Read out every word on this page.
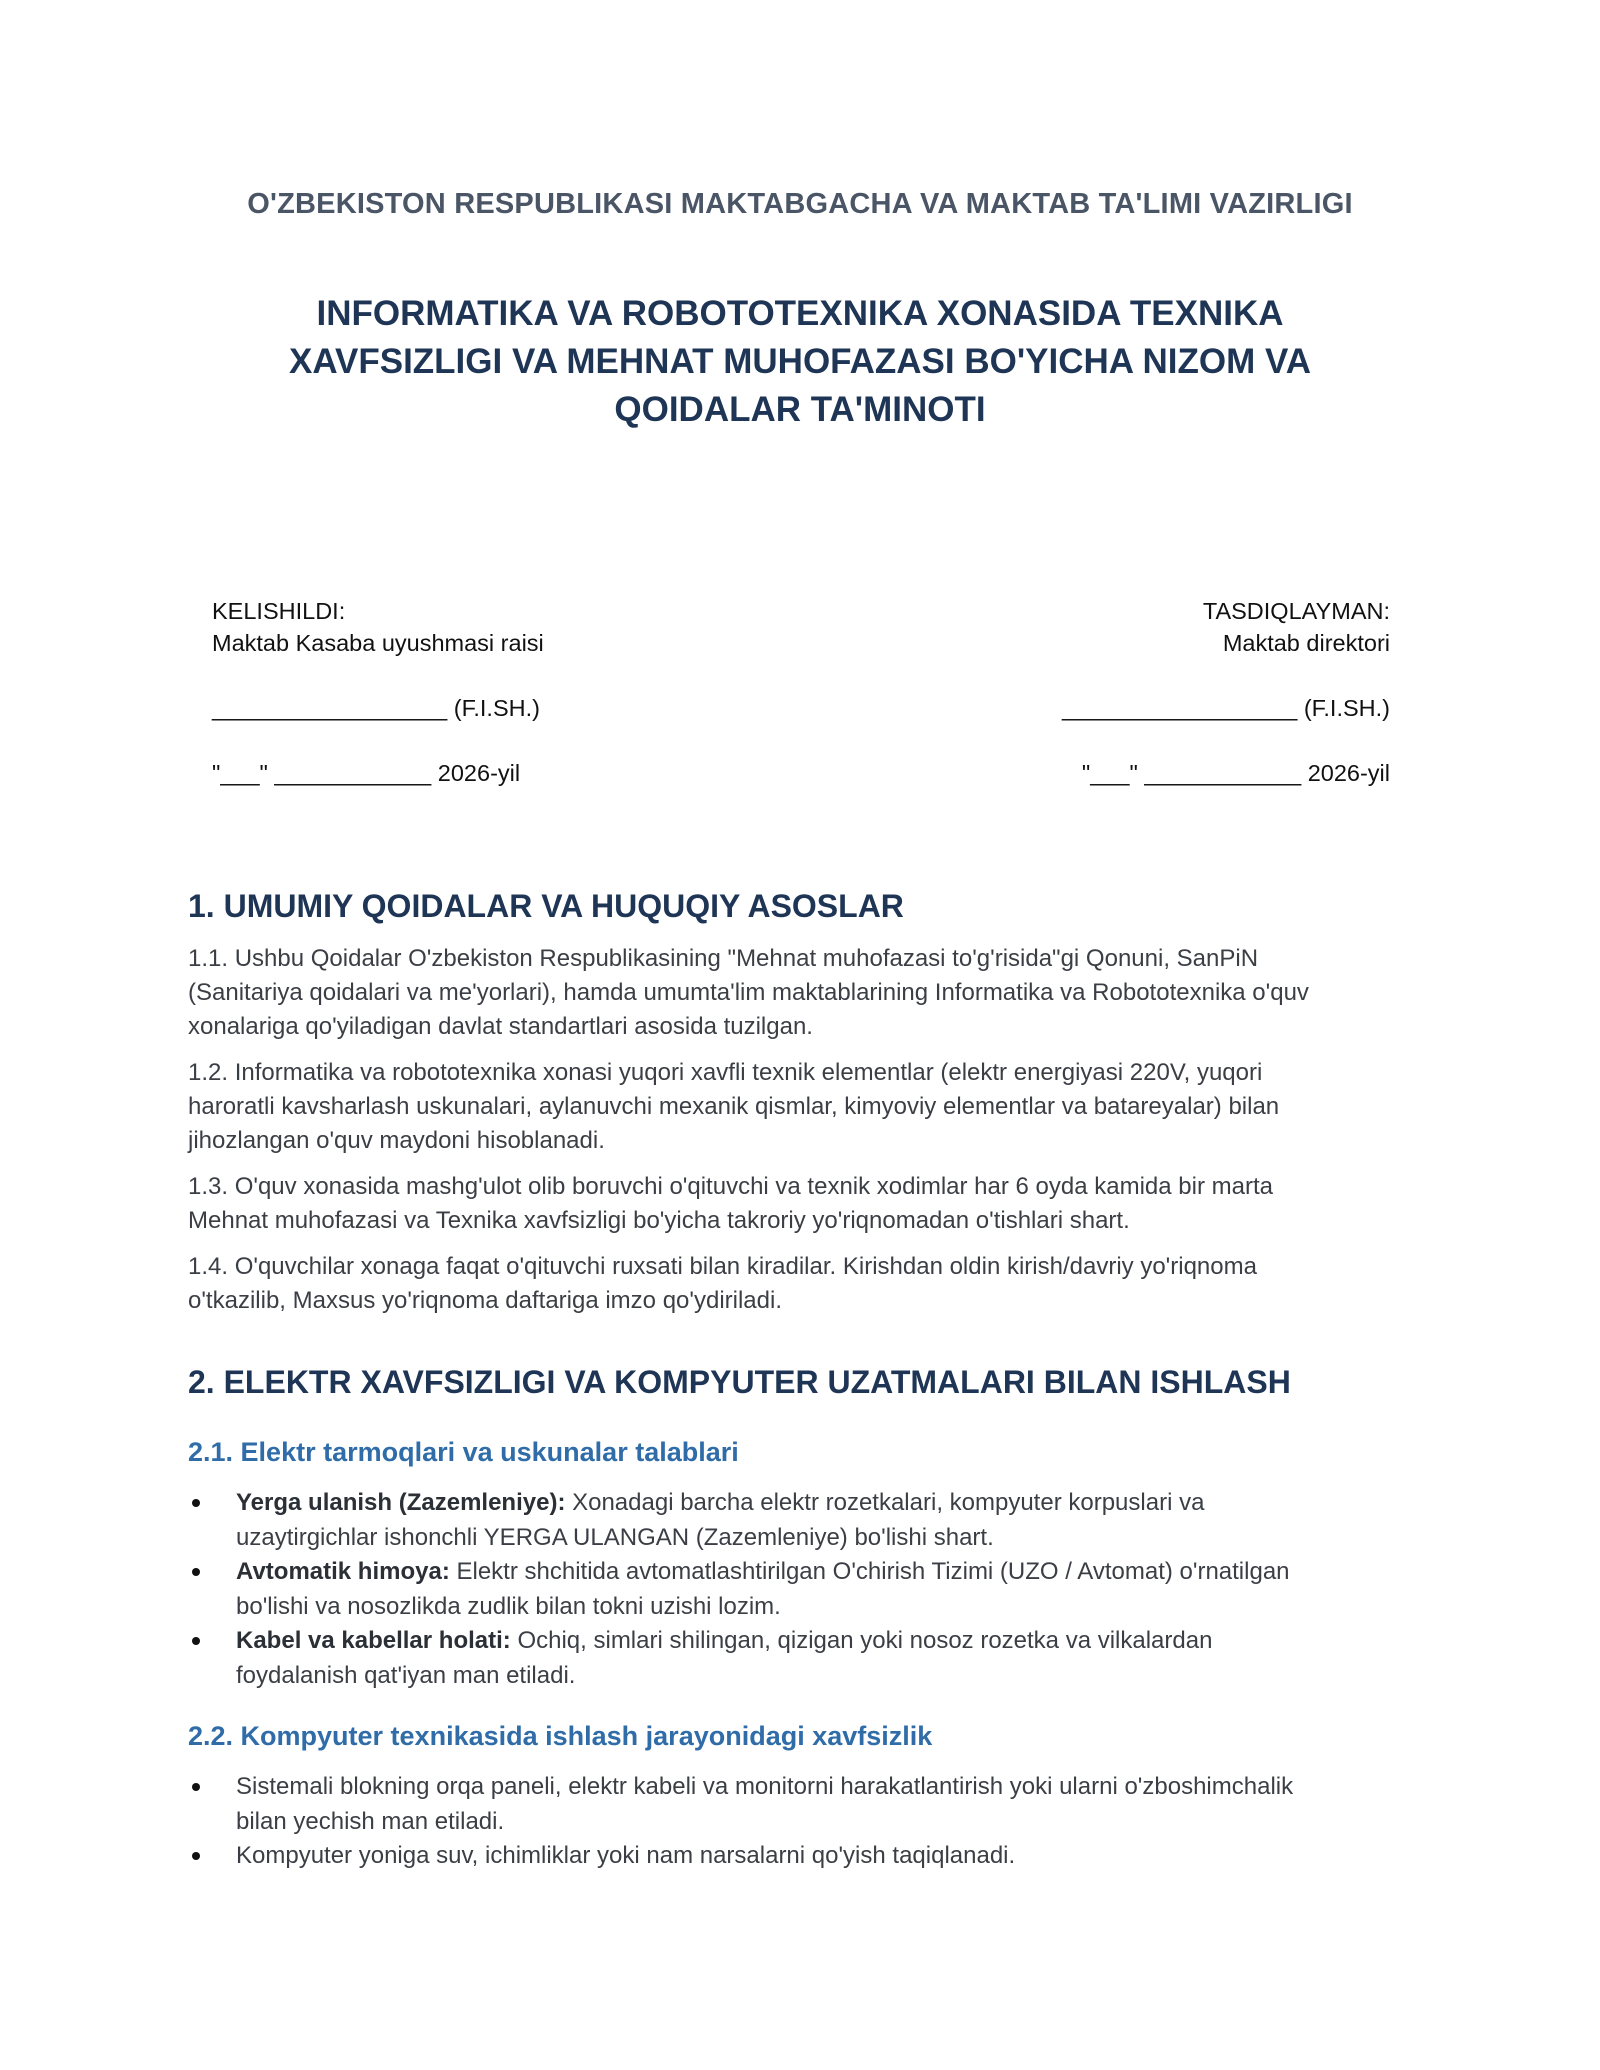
O'ZBEKISTON RESPUBLIKASI MAKTABGACHA VA MAKTAB TA'LIMI VAZIRLIGI
INFORMATIKA VA ROBOTOTEXNIKA XONASIDA TEXNIKA
XAVFSIZLIGI VA MEHNAT MUHOFAZASI BO'YICHA NIZOM VA
QOIDALAR TA'MINOTI
KELISHILDI:
Maktab Kasaba uyushmasi raisi
__________________ (F.I.SH.)
"___" ____________ 2026-yil
TASDIQLAYMAN:
Maktab direktori
__________________ (F.I.SH.)
"___" ____________ 2026-yil
1. UMUMIY QOIDALAR VA HUQUQIY ASOSLAR
1.1. Ushbu Qoidalar O'zbekiston Respublikasining "Mehnat muhofazasi to'g'risida"gi Qonuni, SanPiN
(Sanitariya qoidalari va me'yorlari), hamda umumta'lim maktablarining Informatika va Robototexnika o'quv
xonalariga qo'yiladigan davlat standartlari asosida tuzilgan.
1.2. Informatika va robototexnika xonasi yuqori xavfli texnik elementlar (elektr energiyasi 220V, yuqori
haroratli kavsharlash uskunalari, aylanuvchi mexanik qismlar, kimyoviy elementlar va batareyalar) bilan
jihozlangan o'quv maydoni hisoblanadi.
1.3. O'quv xonasida mashg'ulot olib boruvchi o'qituvchi va texnik xodimlar har 6 oyda kamida bir marta
Mehnat muhofazasi va Texnika xavfsizligi bo'yicha takroriy yo'riqnomadan o'tishlari shart.
1.4. O'quvchilar xonaga faqat o'qituvchi ruxsati bilan kiradilar. Kirishdan oldin kirish/davriy yo'riqnoma
o'tkazilib, Maxsus yo'riqnoma daftariga imzo qo'ydiriladi.
2. ELEKTR XAVFSIZLIGI VA KOMPYUTER UZATMALARI BILAN ISHLASH
2.1. Elektr tarmoqlari va uskunalar talablari
Yerga ulanish (Zazemleniye): Xonadagi barcha elektr rozetkalari, kompyuter korpuslari va
uzaytirgichlar ishonchli YERGA ULANGAN (Zazemleniye) bo'lishi shart.
Avtomatik himoya: Elektr shchitida avtomatlashtirilgan O'chirish Tizimi (UZO / Avtomat) o'rnatilgan
bo'lishi va nosozlikda zudlik bilan tokni uzishi lozim.
Kabel va kabellar holati: Ochiq, simlari shilingan, qizigan yoki nosoz rozetka va vilkalardan
foydalanish qat'iyan man etiladi.
2.2. Kompyuter texnikasida ishlash jarayonidagi xavfsizlik
Sistemali blokning orqa paneli, elektr kabeli va monitorni harakatlantirish yoki ularni o'zboshimchalik
bilan yechish man etiladi.
Kompyuter yoniga suv, ichimliklar yoki nam narsalarni qo'yish taqiqlanadi.
